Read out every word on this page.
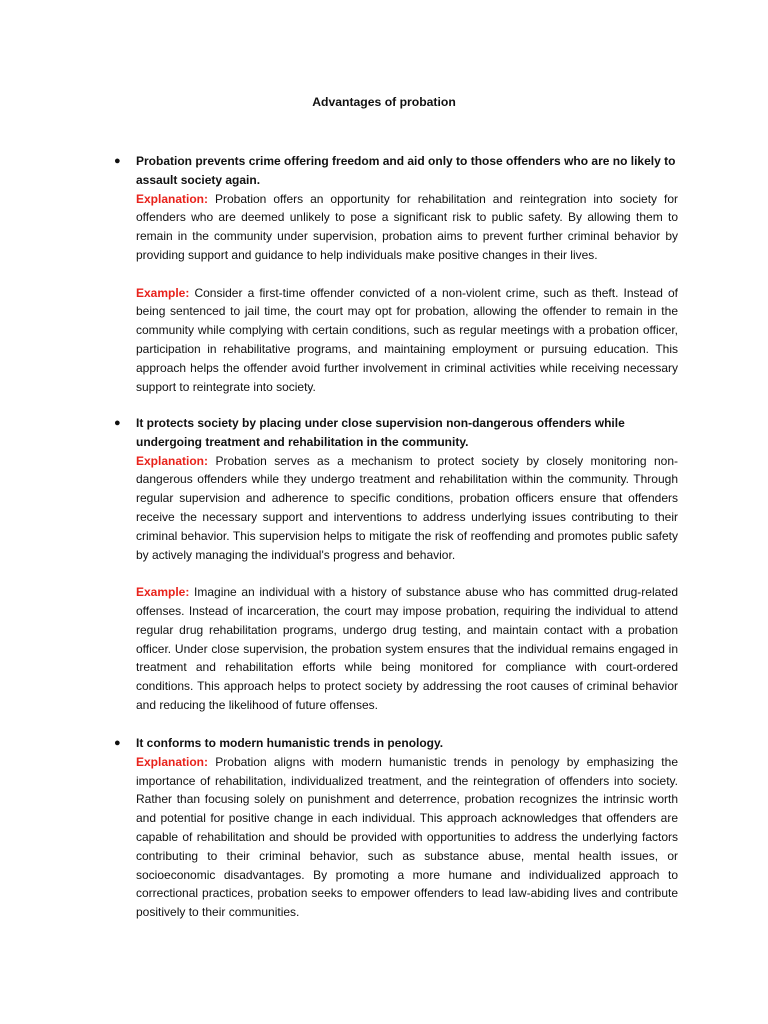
Advantages of probation
● Probation prevents crime offering freedom and aid only to those offenders who are no likely to assault society again.

Explanation: Probation offers an opportunity for rehabilitation and reintegration into society for offenders who are deemed unlikely to pose a significant risk to public safety. By allowing them to remain in the community under supervision, probation aims to prevent further criminal behavior by providing support and guidance to help individuals make positive changes in their lives.

Example: Consider a first-time offender convicted of a non-violent crime, such as theft. Instead of being sentenced to jail time, the court may opt for probation, allowing the offender to remain in the community while complying with certain conditions, such as regular meetings with a probation officer, participation in rehabilitative programs, and maintaining employment or pursuing education. This approach helps the offender avoid further involvement in criminal activities while receiving necessary support to reintegrate into society.

● It protects society by placing under close supervision non-dangerous offenders while undergoing treatment and rehabilitation in the community.

Explanation: Probation serves as a mechanism to protect society by closely monitoring non-dangerous offenders while they undergo treatment and rehabilitation within the community. Through regular supervision and adherence to specific conditions, probation officers ensure that offenders receive the necessary support and interventions to address underlying issues contributing to their criminal behavior. This supervision helps to mitigate the risk of reoffending and promotes public safety by actively managing the individual's progress and behavior.

Example: Imagine an individual with a history of substance abuse who has committed drug-related offenses. Instead of incarceration, the court may impose probation, requiring the individual to attend regular drug rehabilitation programs, undergo drug testing, and maintain contact with a probation officer. Under close supervision, the probation system ensures that the individual remains engaged in treatment and rehabilitation efforts while being monitored for compliance with court-ordered conditions. This approach helps to protect society by addressing the root causes of criminal behavior and reducing the likelihood of future offenses.

● It conforms to modern humanistic trends in penology.

Explanation: Probation aligns with modern humanistic trends in penology by emphasizing the importance of rehabilitation, individualized treatment, and the reintegration of offenders into society. Rather than focusing solely on punishment and deterrence, probation recognizes the intrinsic worth and potential for positive change in each individual. This approach acknowledges that offenders are capable of rehabilitation and should be provided with opportunities to address the underlying factors contributing to their criminal behavior, such as substance abuse, mental health issues, or socioeconomic disadvantages. By promoting a more humane and individualized approach to correctional practices, probation seeks to empower offenders to lead law-abiding lives and contribute positively to their communities.
